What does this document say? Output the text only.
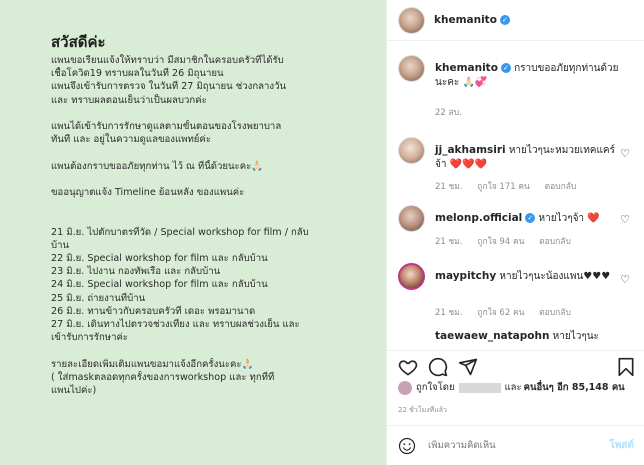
สวัสดีค่ะ
แพนขอเรียนแจ้งให้ทราบว่า มีสมาชิกในครอบครัวที่ได้รับ
เชื้อโควิด19 ทราบผลในวันที่ 26 มิถุนายน
แพนจึงเข้ารับการตรวจ ในวันที่ 27 มิถุนายน ช่วงกลางวัน
และ ทราบผลตอนเย็นว่าเป็นผลบวกค่ะ
แพนได้เข้ารับการรักษาดูแลตามขั้นตอนของโรงพยาบาล
ทันที และ อยู่ในความดูแลของแพทย์ค่ะ
แพนต้องกราบขออภัยทุกท่าน ไว้ ณ ที่นี้ด้วยนะคะ🙏🏻
ขออนุญาตแจ้ง Timeline ย้อนหลัง ของแพนค่ะ
21 มิ.ย. ไปตักบาตรที่วัด / Special workshop for film / กลับ
บ้าน
22 มิ.ย. Special workshop for film และ กลับบ้าน
23 มิ.ย. ไปงาน กองทัพเรือ และ กลับบ้าน
24 มิ.ย. Special workshop for film และ กลับบ้าน
25 มิ.ย. ถ่ายงานที่บ้าน
26 มิ.ย. ทานข้าวกับครอบครัวที่ เดอะ พรอมานาด
27 มิ.ย. เดินทางไปตรวจช่วงเที่ยง และ ทราบผลช่วงเย็น และ
เข้ารับการรักษาค่ะ
รายละเอียดเพิ่มเติมแพนขอมาแจ้งอีกครั้งนะคะ🙏🏻
( ใส่maskตลอดทุกครั้งของการworkshop และ ทุกที่ที่
แพนไปค่ะ)
khemanito ✓
khemanito ✓ กราบขออภัยทุกท่านด้วยนะคะ 🙏🏻💞
22 สบ.
jj_akhamsiri หายไวๆนะหมวยเทคแคร์จ้า ❤️❤️❤️
21 ชม. ถูกใจ 171 คน ตอบกลับ
♡
melonp.official ✓ หายไวๆจ้า ❤️
21 ชม. ถูกใจ 94 คน ตอบกลับ
♡
maypitchy หายไวๆนะน้องแพน♥♥♥
21 ชม. ถูกใจ 62 คน ตอบกลับ
♡
taewaew_natapohn หายไวๆนะ
ถูกใจโดย	และ คนอื่นๆ อีก 85,148 คน
22 ชั่วโมงที่แล้ว
เพิ่มความคิดเห็น
โพสต์
